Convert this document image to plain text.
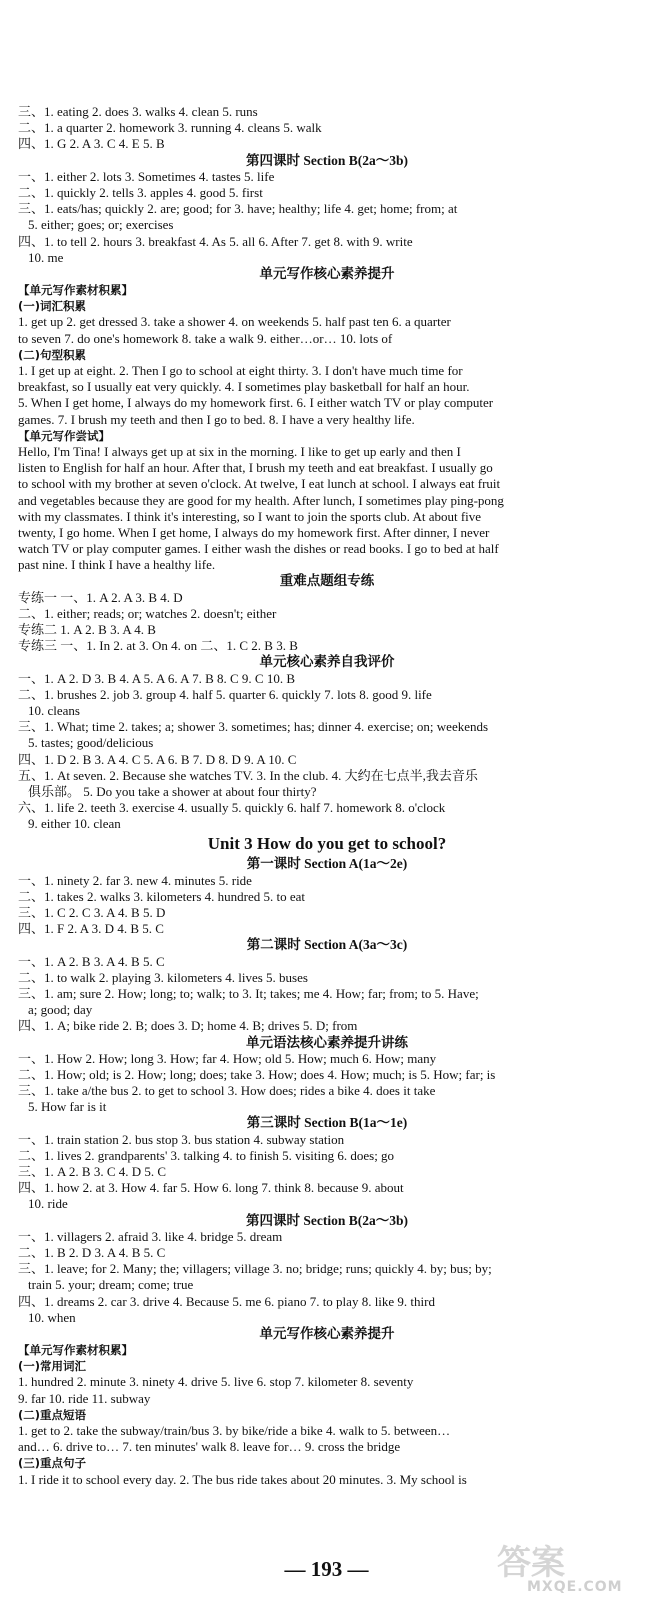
三、1. eating 2. does 3. walks 4. clean 5. runs
二、1. a quarter 2. homework 3. running 4. cleans 5. walk
四、1. G 2. A 3. C 4. E 5. B
第四课时 Section B(2a～3b)
一、1. either 2. lots 3. Sometimes 4. tastes 5. life
二、1. quickly 2. tells 3. apples 4. good 5. first
三、1. eats/has; quickly 2. are; good; for 3. have; healthy; life 4. get; home; from; at
5. either; goes; or; exercises
四、1. to tell 2. hours 3. breakfast 4. As 5. all 6. After 7. get 8. with 9. write
10. me
单元写作核心素养提升
【单元写作素材积累】
(一)词汇积累
1. get up 2. get dressed 3. take a shower 4. on weekends 5. half past ten 6. a quarter
to seven 7. do one's homework 8. take a walk 9. either…or… 10. lots of
(二)句型积累
1. I get up at eight. 2. Then I go to school at eight thirty. 3. I don't have much time for
breakfast, so I usually eat very quickly. 4. I sometimes play basketball for half an hour.
5. When I get home, I always do my homework first. 6. I either watch TV or play computer
games. 7. I brush my teeth and then I go to bed. 8. I have a very healthy life.
【单元写作尝试】
Hello, I'm Tina! I always get up at six in the morning. I like to get up early and then I
listen to English for half an hour. After that, I brush my teeth and eat breakfast. I usually go
to school with my brother at seven o'clock. At twelve, I eat lunch at school. I always eat fruit
and vegetables because they are good for my health. After lunch, I sometimes play ping-pong
with my classmates. I think it's interesting, so I want to join the sports club. At about five
twenty, I go home. When I get home, I always do my homework first. After dinner, I never
watch TV or play computer games. I either wash the dishes or read books. I go to bed at half
past nine. I think I have a healthy life.
重难点题组专练
专练一 一、1. A 2. A 3. B 4. D
二、1. either; reads; or; watches 2. doesn't; either
专练二 1. A 2. B 3. A 4. B
专练三 一、1. In 2. at 3. On 4. on 二、1. C 2. B 3. B
单元核心素养自我评价
一、1. A 2. D 3. B 4. A 5. A 6. A 7. B 8. C 9. C 10. B
二、1. brushes 2. job 3. group 4. half 5. quarter 6. quickly 7. lots 8. good 9. life
10. cleans
三、1. What; time 2. takes; a; shower 3. sometimes; has; dinner 4. exercise; on; weekends
5. tastes; good/delicious
四、1. D 2. B 3. A 4. C 5. A 6. B 7. D 8. D 9. A 10. C
五、1. At seven. 2. Because she watches TV. 3. In the club. 4. 大约在七点半,我去音乐
俱乐部。 5. Do you take a shower at about four thirty?
六、1. life 2. teeth 3. exercise 4. usually 5. quickly 6. half 7. homework 8. o'clock
9. either 10. clean
Unit 3 How do you get to school?
第一课时 Section A(1a～2e)
一、1. ninety 2. far 3. new 4. minutes 5. ride
二、1. takes 2. walks 3. kilometers 4. hundred 5. to eat
三、1. C 2. C 3. A 4. B 5. D
四、1. F 2. A 3. D 4. B 5. C
第二课时 Section A(3a～3c)
一、1. A 2. B 3. A 4. B 5. C
二、1. to walk 2. playing 3. kilometers 4. lives 5. buses
三、1. am; sure 2. How; long; to; walk; to 3. It; takes; me 4. How; far; from; to 5. Have;
a; good; day
四、1. A; bike ride 2. B; does 3. D; home 4. B; drives 5. D; from
单元语法核心素养提升讲练
一、1. How 2. How; long 3. How; far 4. How; old 5. How; much 6. How; many
二、1. How; old; is 2. How; long; does; take 3. How; does 4. How; much; is 5. How; far; is
三、1. take a/the bus 2. to get to school 3. How does; rides a bike 4. does it take
5. How far is it
第三课时 Section B(1a～1e)
一、1. train station 2. bus stop 3. bus station 4. subway station
二、1. lives 2. grandparents' 3. talking 4. to finish 5. visiting 6. does; go
三、1. A 2. B 3. C 4. D 5. C
四、1. how 2. at 3. How 4. far 5. How 6. long 7. think 8. because 9. about
10. ride
第四课时 Section B(2a～3b)
一、1. villagers 2. afraid 3. like 4. bridge 5. dream
二、1. B 2. D 3. A 4. B 5. C
三、1. leave; for 2. Many; the; villagers; village 3. no; bridge; runs; quickly 4. by; bus; by;
train 5. your; dream; come; true
四、1. dreams 2. car 3. drive 4. Because 5. me 6. piano 7. to play 8. like 9. third
10. when
单元写作核心素养提升
【单元写作素材积累】
(一)常用词汇
1. hundred 2. minute 3. ninety 4. drive 5. live 6. stop 7. kilometer 8. seventy
9. far 10. ride 11. subway
(二)重点短语
1. get to 2. take the subway/train/bus 3. by bike/ride a bike 4. walk to 5. between…
and… 6. drive to… 7. ten minutes' walk 8. leave for… 9. cross the bridge
(三)重点句子
1. I ride it to school every day. 2. The bus ride takes about 20 minutes. 3. My school is
— 193 —	答案
MXQE.COM
